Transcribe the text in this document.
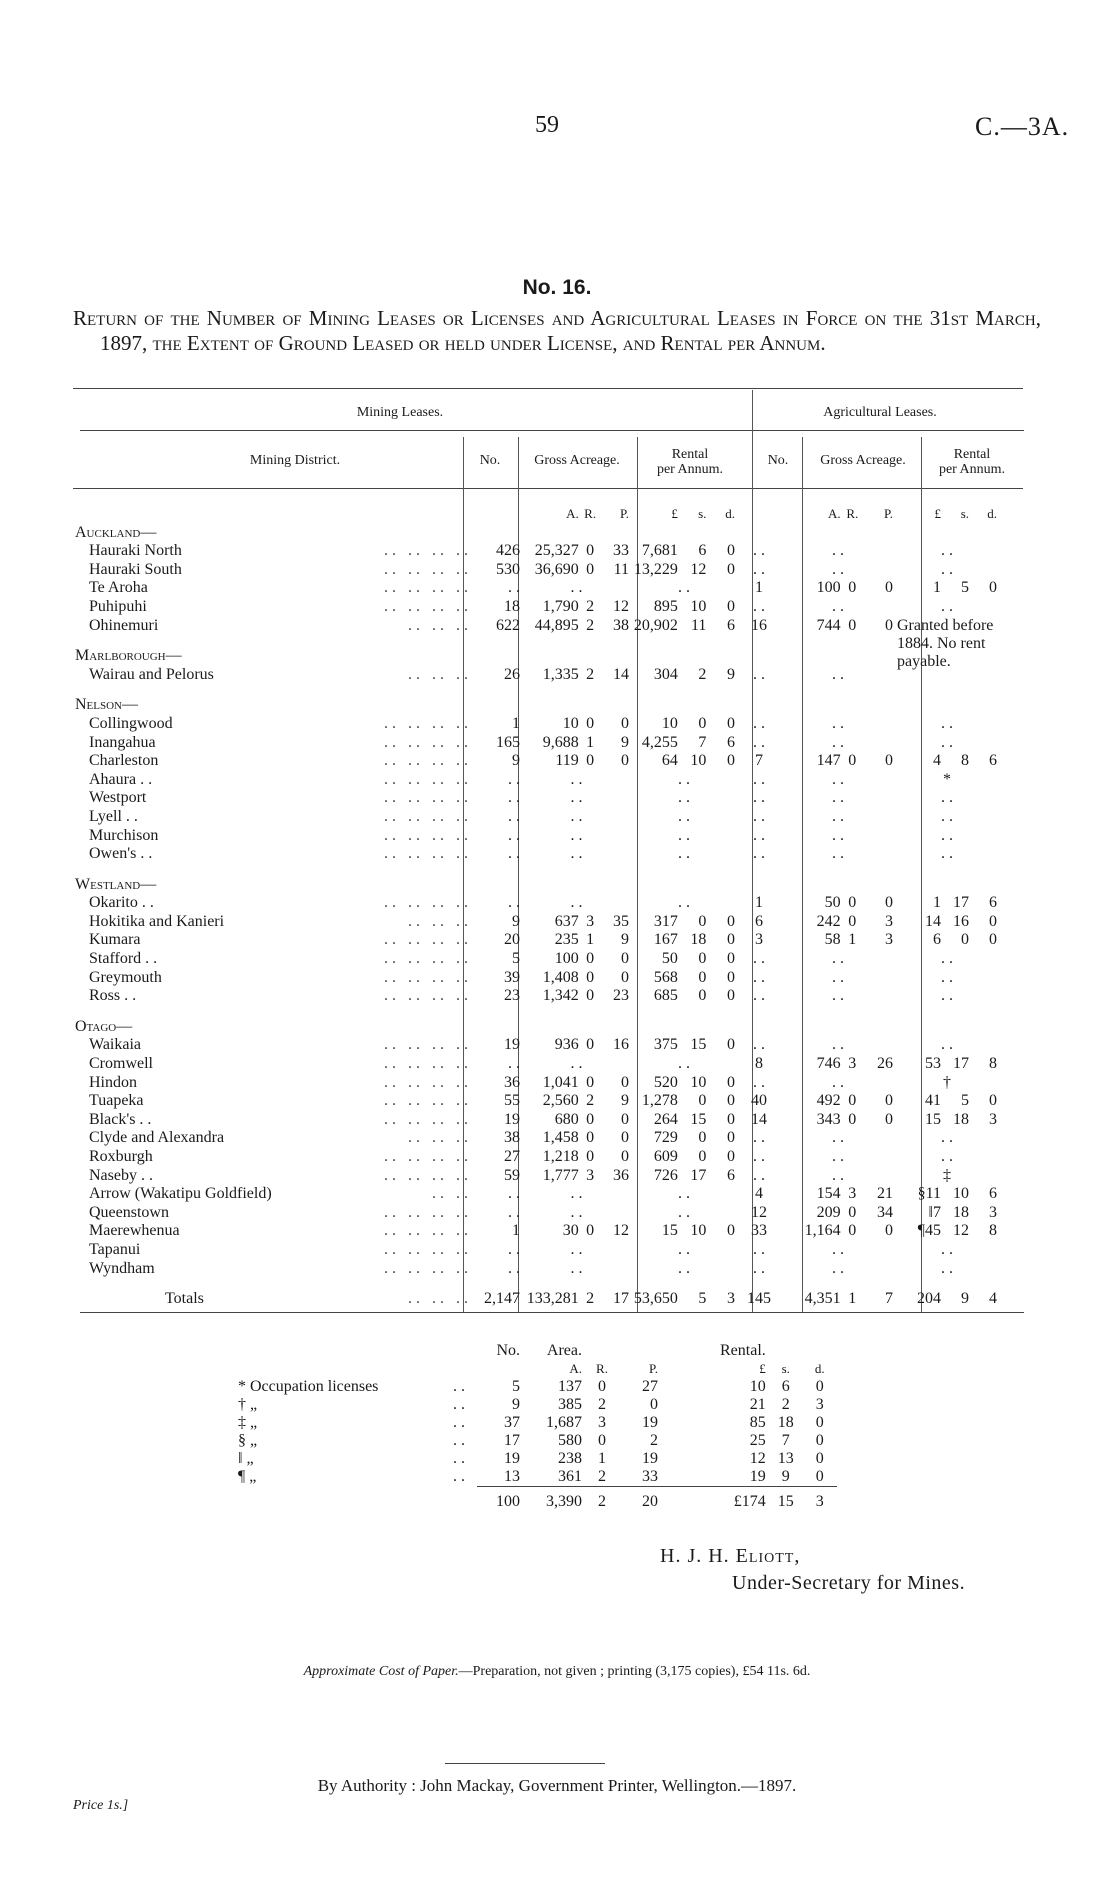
59	C.—3A.
No. 16.

Return of the Number of Mining Leases or Licenses and Agricultural Leases in Force on the 31st March, 1897, the Extent of Ground Leased or held under License, and Rental per Annum.

Mining Leases.	Agricultural Leases.
Mining District.	No.	Gross Acreage.	Rental
per Annum.
No.	Gross Acreage.	Rental
per Annum.

		A. R. P.	£ s. d.		A. R. P.	£ s. d.

Auckland—						
Hauraki North . .   . .   . .   . .	426	25,327 0 33	7,681 6 0	. .	. .	. .
Hauraki South . .   . .   . .   . .	530	36,690 0 11	13,229 12 0	. .	. .	. .
Te Aroha . .   . .   . .   . .	. .	. .	. .	1	100 0 0	1 5 0

Puhipuhi . .   . .   . .   . .	18	1,790 2 12	895 10 0	. .	. .	. .
Ohinemuri . .   . .   . .	622	44,895 2 38	20,902 11 6	16	744 0 0	Granted before 1884. No rent payable.

Marlborough—						
Wairau and Pelorus . .   . .   . .	26	1,335 2 14	304 2 9	. .	. .	

Nelson—						
Collingwood . .   . .   . .   . .	1	10 0 0	10 0 0	. .	. .	. .
Inangahua . .   . .   . .   . .	165	9,688 1 9	4,255 7 6	. .	. .	. .
Charleston . .   . .   . .   . .	9	119 0 0	64 10 0	7	147 0 0	4 8 6

Ahaura . . . .   . .   . .   . .	. .	. .	. .	. .	. .	*
Westport . .   . .   . .   . .	. .	. .	. .	. .	. .	. .
Lyell . . . .   . .   . .   . .	. .	. .	. .	. .	. .	. .
Murchison . .   . .   . .   . .	. .	. .	. .	. .	. .	. .
Owen's . . . .   . .   . .   . .	. .	. .	. .	. .	. .	. .

Westland—						
Okarito . . . .   . .   . .   . .	. .	. .	. .	1	50 0 0	1 17 6

Hokitika and Kanieri . .   . .   . .	9	637 3 35	317 0 0	6	242 0 3	14 16 0

Kumara . .   . .   . .   . .	20	235 1 9	167 18 0	3	58 1 3	6 0 0

Stafford . . . .   . .   . .   . .	5	100 0 0	50 0 0	. .	. .	. .
Greymouth . .   . .   . .   . .	39	1,408 0 0	568 0 0	. .	. .	. .
Ross . . . .   . .   . .   . .	23	1,342 0 23	685 0 0	. .	. .	. .

Otago—						
Waikaia . .   . .   . .   . .	19	936 0 16	375 15 0	. .	. .	. .
Cromwell . .   . .   . .   . .	. .	. .	. .	8	746 3 26	53 17 8

Hindon . .   . .   . .   . .	36	1,041 0 0	520 10 0	. .	. .	†
Tuapeka . .   . .   . .   . .	55	2,560 2 9	1,278 0 0	40	492 0 0	41 5 0

Black's . . . .   . .   . .   . .	19	680 0 0	264 15 0	14	343 0 0	15 18 3

Clyde and Alexandra . .   . .   . .	38	1,458 0 0	729 0 0	. .	. .	. .
Roxburgh . .   . .   . .   . .	27	1,218 0 0	609 0 0	. .	. .	. .
Naseby . . . .   . .   . .   . .	59	1,777 3 36	726 17 6	. .	. .	‡
Arrow (Wakatipu Goldfield) . .   . .	. .	. .	. .	4	154 3 21	§11 10 6

Queenstown . .   . .   . .   . .	. .	. .	. .	12	209 0 34	‖7 18 3

Maerewhenua . .   . .   . .   . .	1	30 0 12	15 10 0	33	1,164 0 0	¶45 12 8

Tapanui . .   . .   . .   . .	. .	. .	. .	. .	. .	. .
Wyndham . .   . .   . .   . .	. .	. .	. .	. .	. .	. .

Totals . .   . .   . .	2,147	133,281 2 17	53,650 5 3	145	4,351 1 7	204 9 4
		No.	Area.				Rental.		
			A.	R.	P.		£	s.	d.
* Occupation licenses	. .	5	137	0	27		10	6	0
† „	. .	9	385	2	0		21	2	3
‡ „	. .	37	1,687	3	19		85	18	0
§ „	. .	17	580	0	2		25	7	0
‖ „	. .	19	238	1	19		12	13	0
¶ „	. .	13	361	2	33		19	9	0
		100	3,390	2	20		£174	15	3
H. J. H. Eliott,
Under-Secretary for Mines.
Approximate Cost of Paper.—Preparation, not given ; printing (3,175 copies), £54 11s. 6d.
By Authority : John Mackay, Government Printer, Wellington.—1897.
Price 1s.]
